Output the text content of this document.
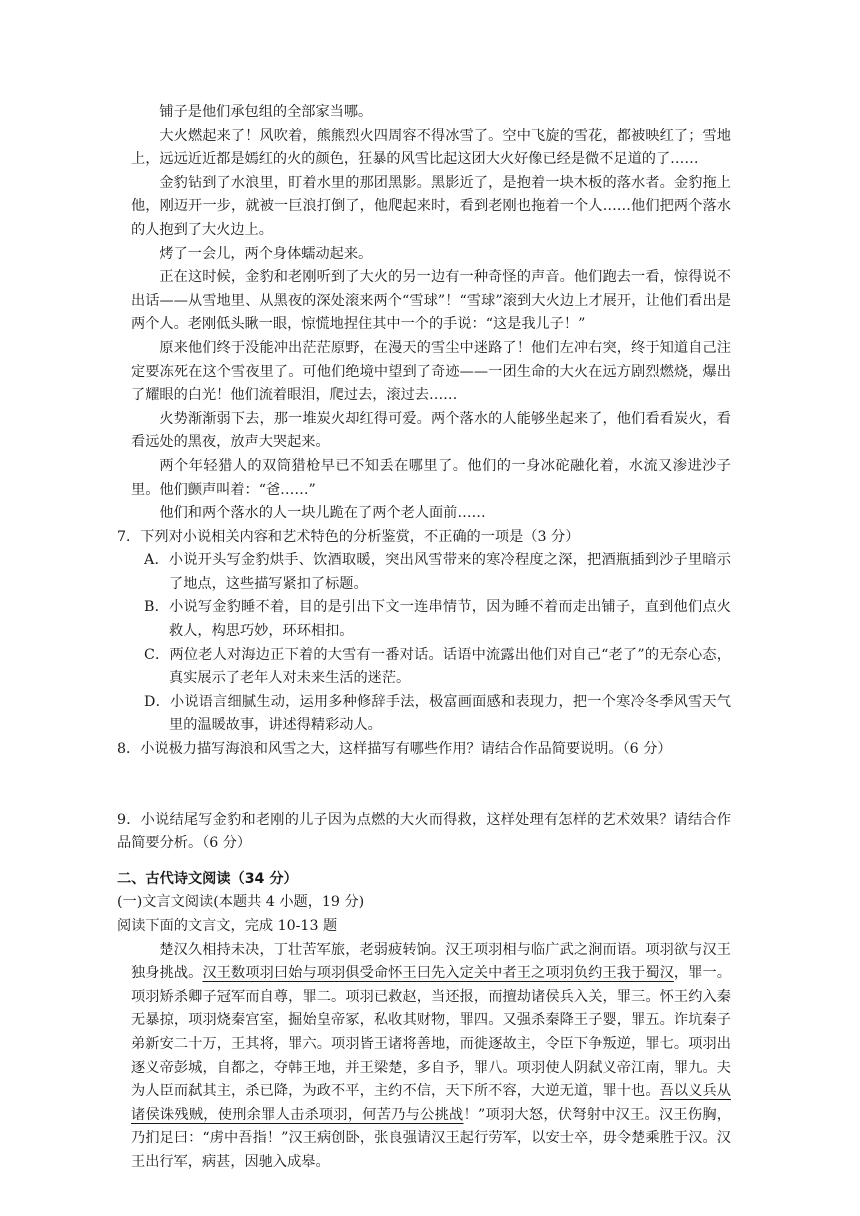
铺子是他们承包组的全部家当哪。

大火燃起来了！风吹着，熊熊烈火四周容不得冰雪了。空中飞旋的雪花，都被映红了；雪地上，远远近近都是嫣红的火的颜色，狂暴的风雪比起这团大火好像已经是微不足道的了……

金豹钻到了水浪里，盯着水里的那团黑影。黑影近了，是抱着一块木板的落水者。金豹拖上他，刚迈开一步，就被一巨浪打倒了，他爬起来时，看到老刚也拖着一个人……他们把两个落水的人抱到了大火边上。

烤了一会儿，两个身体蠕动起来。

正在这时候，金豹和老刚听到了大火的另一边有一种奇怪的声音。他们跑去一看，惊得说不出话——从雪地里、从黑夜的深处滚来两个“雪球”！“雪球”滚到大火边上才展开，让他们看出是两个人。老刚低头瞅一眼，惊慌地捏住其中一个的手说：“这是我儿子！”

原来他们终于没能冲出茫茫原野，在漫天的雪尘中迷路了！他们左冲右突，终于知道自己注定要冻死在这个雪夜里了。可他们绝境中望到了奇迹——一团生命的大火在远方剧烈燃烧，爆出了耀眼的白光！他们流着眼泪，爬过去，滚过去……

火势渐渐弱下去，那一堆炭火却红得可爱。两个落水的人能够坐起来了，他们看看炭火，看看远处的黑夜，放声大哭起来。

两个年轻猎人的双筒猎枪早已不知丢在哪里了。他们的一身冰砣融化着，水流又渗进沙子里。他们颤声叫着：“爸……”

他们和两个落水的人一块儿跪在了两个老人面前……

7．下列对小说相关内容和艺术特色的分析鉴赏，不正确的一项是（3 分）

A．小说开头写金豹烘手、饮酒取暖，突出风雪带来的寒冷程度之深，把酒瓶插到沙子里暗示了地点，这些描写紧扣了标题。

B．小说写金豹睡不着，目的是引出下文一连串情节，因为睡不着而走出铺子，直到他们点火救人，构思巧妙，环环相扣。

C．两位老人对海边正下着的大雪有一番对话。话语中流露出他们对自己“老了”的无奈心态，真实展示了老年人对未来生活的迷茫。

D．小说语言细腻生动，运用多种修辞手法，极富画面感和表现力，把一个寒冷冬季风雪天气里的温暖故事，讲述得精彩动人。

8．小说极力描写海浪和风雪之大，这样描写有哪些作用？请结合作品简要说明。（6 分）

9．小说结尾写金豹和老刚的儿子因为点燃的大火而得救，这样处理有怎样的艺术效果？请结合作品简要分析。（6 分）

二、古代诗文阅读（34 分）

(一)文言文阅读(本题共 4 小题，19 分)

阅读下面的文言文，完成 10-13 题

楚汉久相持未决，丁壮苦军旅，老弱疲转饷。汉王项羽相与临广武之涧而语。项羽欲与汉王独身挑战。汉王数项羽曰始与项羽俱受命怀王曰先入定关中者王之项羽负约王我于蜀汉，罪一。项羽矫杀卿子冠军而自尊，罪二。项羽已救赵，当还报，而擅劫诸侯兵入关，罪三。怀王约入秦无暴掠，项羽烧秦宫室，掘始皇帝冢，私收其财物，罪四。又强杀秦降王子婴，罪五。诈坑秦子弟新安二十万，王其将，罪六。项羽皆王诸将善地，而徙逐故主，令臣下争叛逆，罪七。项羽出逐义帝彭城，自都之，夺韩王地，并王梁楚，多自予，罪八。项羽使人阴弑义帝江南，罪九。夫为人臣而弑其主，杀已降，为政不平，主约不信，天下所不容，大逆无道，罪十也。吾以义兵从诸侯诛残贼，使刑余罪人击杀项羽，何苦乃与公挑战！”项羽大怒，伏弩射中汉王。汉王伤胸，乃扪足曰：“虏中吾指！”汉王病创卧，张良强请汉王起行劳军，以安士卒，毋令楚乘胜于汉。汉王出行军，病甚，因驰入成皋。
